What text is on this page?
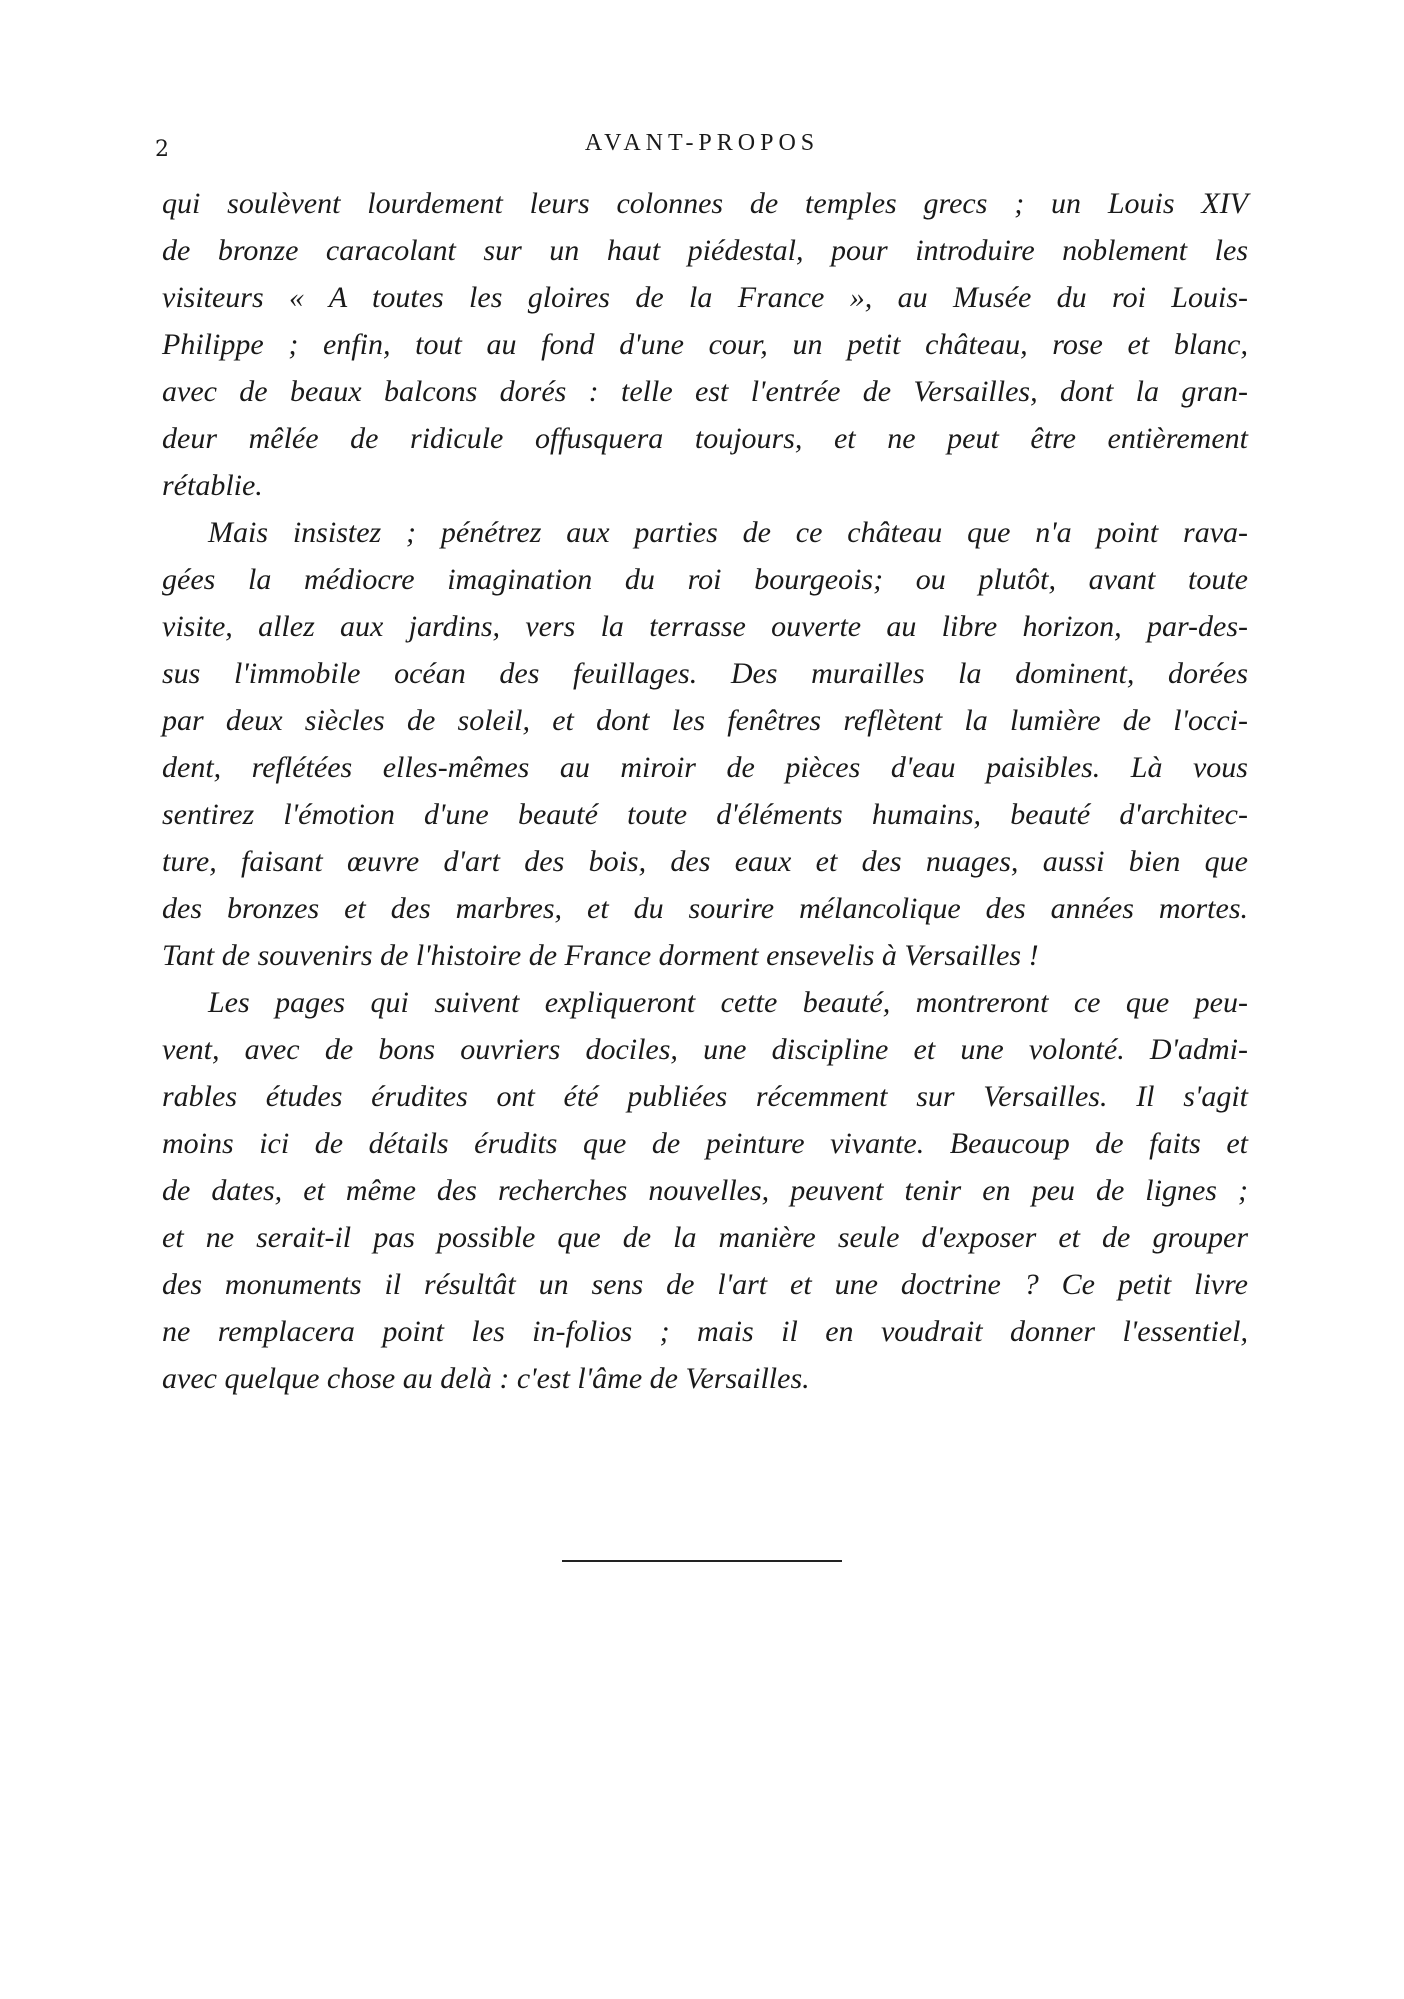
2	AVANT-PROPOS

qui soulèvent lourdement leurs colonnes de temples grecs ; un Louis XIV
de bronze caracolant sur un haut piédestal, pour introduire noblement les
visiteurs « A toutes les gloires de la France », au Musée du roi Louis-
Philippe ; enfin, tout au fond d'une cour, un petit château, rose et blanc,
avec de beaux balcons dorés : telle est l'entrée de Versailles, dont la gran-
deur mêlée de ridicule offusquera toujours, et ne peut être entièrement
rétablie.

Mais insistez ; pénétrez aux parties de ce château que n'a point rava-
gées la médiocre imagination du roi bourgeois; ou plutôt, avant toute
visite, allez aux jardins, vers la terrasse ouverte au libre horizon, par-des-
sus l'immobile océan des feuillages. Des murailles la dominent, dorées
par deux siècles de soleil, et dont les fenêtres reflètent la lumière de l'occi-
dent, reflétées elles-mêmes au miroir de pièces d'eau paisibles. Là vous
sentirez l'émotion d'une beauté toute d'éléments humains, beauté d'architec-
ture, faisant œuvre d'art des bois, des eaux et des nuages, aussi bien que
des bronzes et des marbres, et du sourire mélancolique des années mortes.
Tant de souvenirs de l'histoire de France dorment ensevelis à Versailles !

Les pages qui suivent expliqueront cette beauté, montreront ce que peu-
vent, avec de bons ouvriers dociles, une discipline et une volonté. D'admi-
rables études érudites ont été publiées récemment sur Versailles. Il s'agit
moins ici de détails érudits que de peinture vivante. Beaucoup de faits et
de dates, et même des recherches nouvelles, peuvent tenir en peu de lignes ;
et ne serait-il pas possible que de la manière seule d'exposer et de grouper
des monuments il résultât un sens de l'art et une doctrine ? Ce petit livre
ne remplacera point les in-folios ; mais il en voudrait donner l'essentiel,
avec quelque chose au delà : c'est l'âme de Versailles.
